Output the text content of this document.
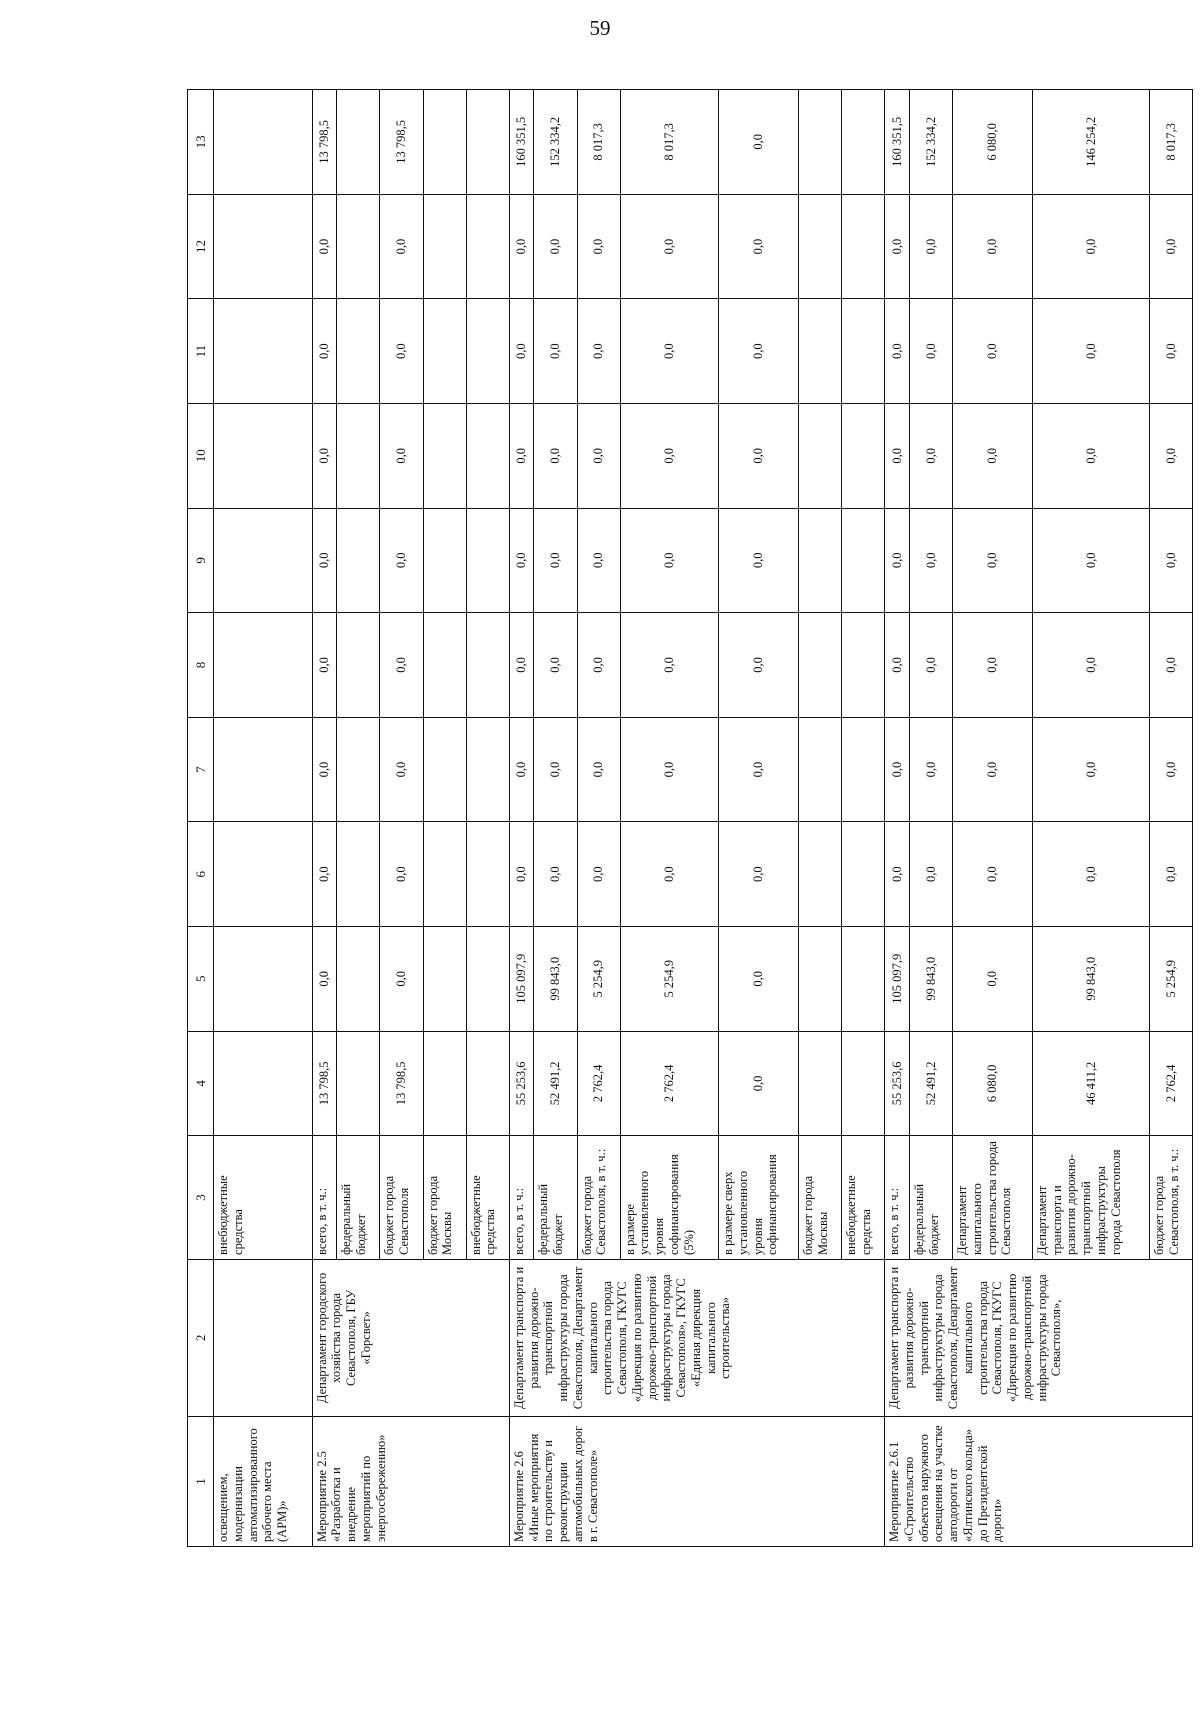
59
1	2	3	4	5	6	7	8	9	10	11	12	13
освещением, модернизации автоматизированного рабочего места (АРМ)»		внебюджетные средства										
Мероприятие 2.5 «Разработка и внедрение мероприятий по энергосбережению»	Департамент городского хозяйства города Севастополя, ГБУ «Горсвет»	всего, в т. ч.:	13 798,5	0,0	0,0	0,0	0,0	0,0	0,0	0,0	0,0	13 798,5
		федеральный бюджет										
		бюджет города Севастополя	13 798,5	0,0	0,0	0,0	0,0	0,0	0,0	0,0	0,0	13 798,5
		бюджет города Москвы										
		внебюджетные средства										
Мероприятие 2.6 «Иные мероприятия по строительству и реконструкции автомобильных дорог в г. Севастополе»	Департамент транспорта и развития дорожно-транспортной инфраструктуры города Севастополя, Департамент капитального строительства города Севастополя, ГКУГС «Дирекция по развитию дорожно-транспортной инфраструктуры города Севастополя», ГКУГС «Единая дирекция капитального строительства»	всего, в т. ч.:	55 253,6	105 097,9	0,0	0,0	0,0	0,0	0,0	0,0	0,0	160 351,5
		федеральный бюджет	52 491,2	99 843,0	0,0	0,0	0,0	0,0	0,0	0,0	0,0	152 334,2
		бюджет города Севастополя, в т. ч.:	2 762,4	5 254,9	0,0	0,0	0,0	0,0	0,0	0,0	0,0	8 017,3
		в размере установленного уровня софинансирования (5%)	2 762,4	5 254,9	0,0	0,0	0,0	0,0	0,0	0,0	0,0	8 017,3
		в размере сверх установленного уровня софинансирования	0,0	0,0	0,0	0,0	0,0	0,0	0,0	0,0	0,0	0,0
		бюджет города Москвы										
		внебюджетные средства										
Мероприятие 2.6.1 «Строительство объектов наружного освещения на участке автодороги от «Ялтинского кольца» до Президентской дороги»	Департамент транспорта и развития дорожно-транспортной инфраструктуры города Севастополя, Департамент капитального строительства города Севастополя, ГКУГС «Дирекция по развитию дорожно-транспортной инфраструктуры города Севастополя»,	всего, в т. ч.:	55 253,6	105 097,9	0,0	0,0	0,0	0,0	0,0	0,0	0,0	160 351,5
		федеральный бюджет	52 491,2	99 843,0	0,0	0,0	0,0	0,0	0,0	0,0	0,0	152 334,2
		Департамент капитального строительства города Севастополя	6 080,0	0,0	0,0	0,0	0,0	0,0	0,0	0,0	0,0	6 080,0
		Департамент транспорта и развития дорожно-транспортной инфраструктуры города Севастополя	46 411,2	99 843,0	0,0	0,0	0,0	0,0	0,0	0,0	0,0	146 254,2
		бюджет города Севастополя, в т. ч.:	2 762,4	5 254,9	0,0	0,0	0,0	0,0	0,0	0,0	0,0	8 017,3
